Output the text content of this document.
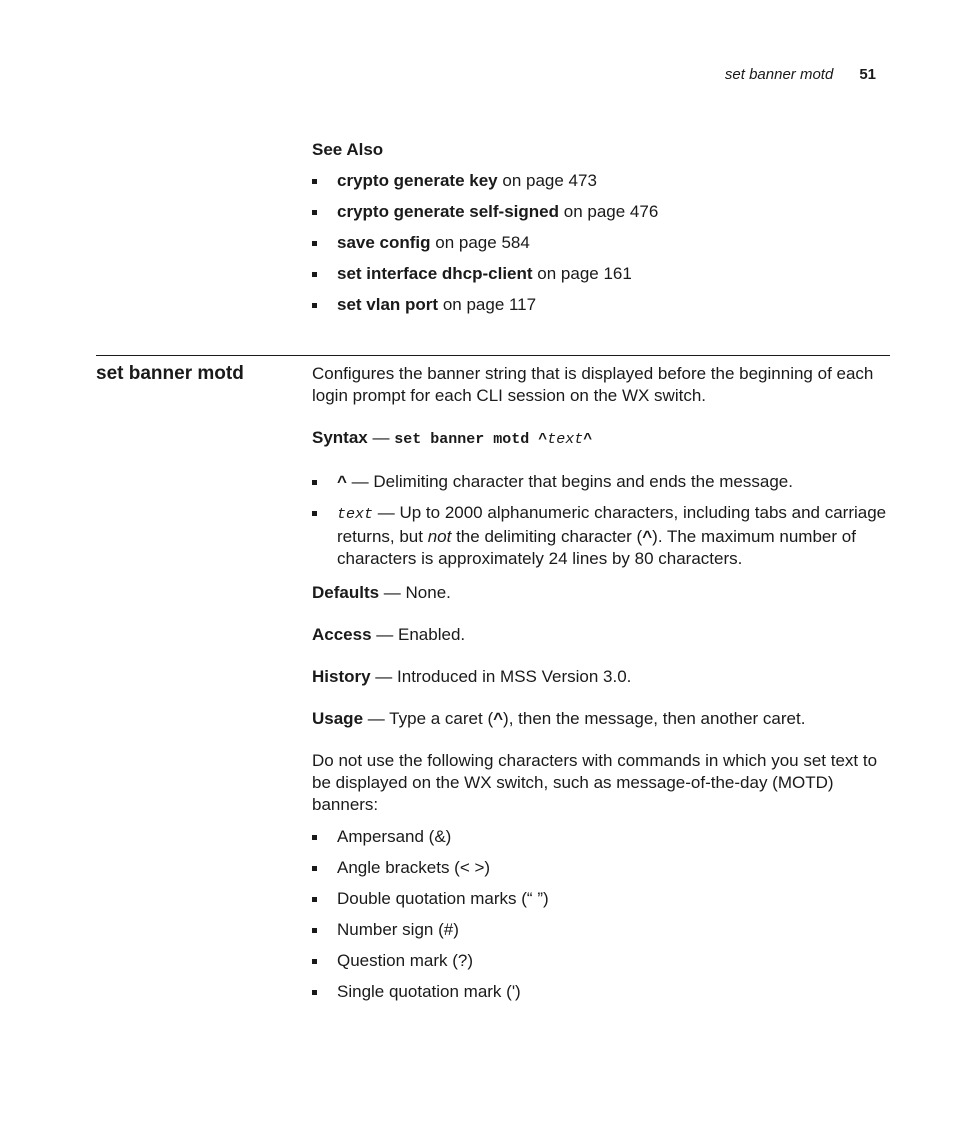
set banner motd 51
See Also
crypto generate key on page 473
crypto generate self-signed on page 476
save config on page 584
set interface dhcp-client on page 161
set vlan port on page 117
set banner motd	Configures the banner string that is displayed before the beginning of each login prompt for each CLI session on the WX switch.

Syntax — set banner motd ^text^

^ — Delimiting character that begins and ends the message.
text — Up to 2000 alphanumeric characters, including tabs and carriage returns, but not the delimiting character (^). The maximum number of characters is approximately 24 lines by 80 characters.

Defaults — None.

Access — Enabled.

History — Introduced in MSS Version 3.0.

Usage — Type a caret (^), then the message, then another caret.

Do not use the following characters with commands in which you set text to be displayed on the WX switch, such as message-of-the-day (MOTD) banners:

Ampersand (&)
Angle brackets (< >)
Double quotation marks (“ ”)
Number sign (#)
Question mark (?)
Single quotation mark (')
